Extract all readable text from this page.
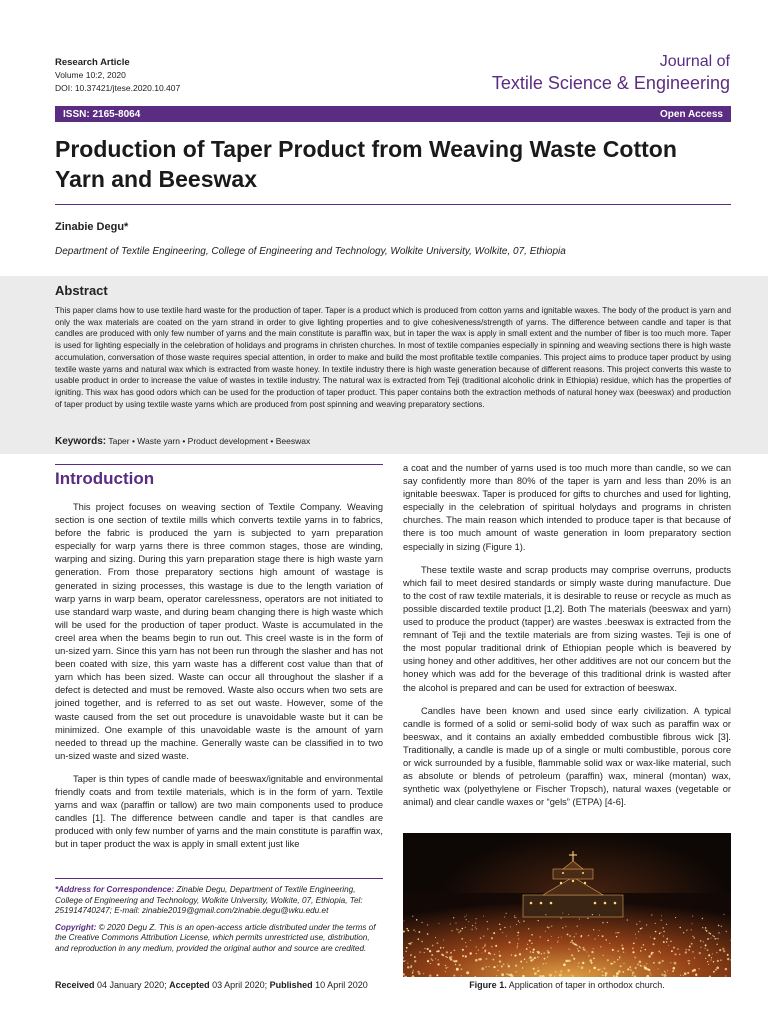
Research Article
Volume 10:2, 2020
DOI: 10.37421/jtese.2020.10.407
Journal of
Textile Science & Engineering
ISSN: 2165-8064	Open Access
Production of Taper Product from Weaving Waste Cotton Yarn and Beeswax
Zinabie Degu*
Department of Textile Engineering, College of Engineering and Technology, Wolkite University, Wolkite, 07, Ethiopia
Abstract

This paper clams how to use textile hard waste for the production of taper. Taper is a product which is produced from cotton yarns and ignitable waxes. The body of the product is yarn and only the wax materials are coated on the yarn strand in order to give lighting properties and to give cohesiveness/strength of yarns. The difference between candle and taper is that candles are produced with only few number of yarns and the main constitute is paraffin wax, but in taper the wax is apply in small extent and the number of fiber is too much more. Taper is used for lighting especially in the celebration of holidays and programs in christen churches. In most of textile companies especially in spinning and weaving sections there is high waste accumulation, conversation of those waste requires special attention, in order to make and build the most profitable textile companies. This project aims to produce taper product by using textile waste yarns and natural wax which is extracted from waste honey. In textile industry there is high waste generation because of different reasons. This project converts this waste to usable product in order to increase the value of wastes in textile industry. The natural wax is extracted from Teji (traditional alcoholic drink in Ethiopia) residue, which has the properties of igniting. This wax has good odors which can be used for the production of taper product. This paper contains both the extraction methods of natural honey wax (beeswax) and production of taper product by using textile waste yarns which are produced from post spinning and weaving preparatory sections.

Keywords: Taper • Waste yarn • Product development • Beeswax
Introduction

This project focuses on weaving section of Textile Company. Weaving section is one section of textile mills which converts textile yarns in to fabrics, before the fabric is produced the yarn is subjected to yarn preparation especially for warp yarns there is three common stages, those are winding, warping and sizing. During this yarn preparation stage there is high waste yarn generation. From those preparatory sections high amount of wastage is generated in sizing processes, this wastage is due to the length variation of warp yarns in warp beam, operator carelessness, operators are not initiated to use standard warp waste, and during beam changing there is high waste which will be used for the production of taper product. Waste is accumulated in the creel area when the beams begin to run out. This creel waste is in the form of un-sized yarn. Since this yarn has not been run through the slasher and has not been coated with size, this yarn waste has a different cost value than that of yarn which has been sized. Waste can occur all throughout the slasher if a defect is detected and must be removed. Waste also occurs when two sets are joined together, and is referred to as set out waste. However, some of the waste caused from the set out procedure is unavoidable waste but it can be minimized. One example of this unavoidable waste is the amount of yarn needed to thread up the machine. Generally waste can be classified in to two un-sized waste and sized waste.

Taper is thin types of candle made of beeswax/ignitable and environmental friendly coats and from textile materials, which is in the form of yarn. Textile yarns and wax (paraffin or tallow) are two main components used to produce candles [1]. The difference between candle and taper is that candles are produced with only few number of yarns and the main constitute is paraffin wax, but in taper product the wax is apply in small extent just like

*Address for Correspondence: Zinabie Degu, Department of Textile Engineering, College of Engineering and Technology, Wolkite University, Wolkite, 07, Ethiopia, Tel: 251914740247; E-mail: zinabie2019@gmail.com/zinabie.degu@wku.edu.et

Copyright: © 2020 Degu Z. This is an open-access article distributed under the terms of the Creative Commons Attribution License, which permits unrestricted use, distribution, and reproduction in any medium, provided the original author and source are credited.

Received 04 January 2020; Accepted 03 April 2020; Published 10 April 2020

a coat and the number of yarns used is too much more than candle, so we can say confidently more than 80% of the taper is yarn and less than 20% is an ignitable beeswax. Taper is produced for gifts to churches and used for lighting, especially in the celebration of spiritual holydays and programs in christen churches. The main reason which intended to produce taper is that because of there is too much amount of waste generation in loom preparatory section especially in sizing (Figure 1).

These textile waste and scrap products may comprise overruns, products which fail to meet desired standards or simply waste during manufacture. Due to the cost of raw textile materials, it is desirable to reuse or recycle as much as possible discarded textile product [1,2]. Both The materials (beeswax and yarn) used to produce the product (tapper) are wastes .beeswax is extracted from the remnant of Teji and the textile materials are from sizing wastes. Teji is one of the most popular traditional drink of Ethiopian people which is beavered by using honey and other additives, her other additives are not our concern but the honey which was add for the beverage of this traditional drink is wasted after the alcohol is prepared and can be used for extraction of beeswax.

Candles have been known and used since early civilization. A typical candle is formed of a solid or semi-solid body of wax such as paraffin wax or beeswax, and it contains an axially embedded combustible fibrous wick [3]. Traditionally, a candle is made up of a single or multi combustible, porous core or wick surrounded by a fusible, flammable solid wax or wax-like material, such as absolute or blends of petroleum (paraffin) wax, mineral (montan) wax, synthetic wax (polyethylene or Fischer Tropsch), natural waxes (vegetable or animal) and clear candle waxes or “gels” (ETPA) [4-6].

Figure 1. Application of taper in orthodox church.
